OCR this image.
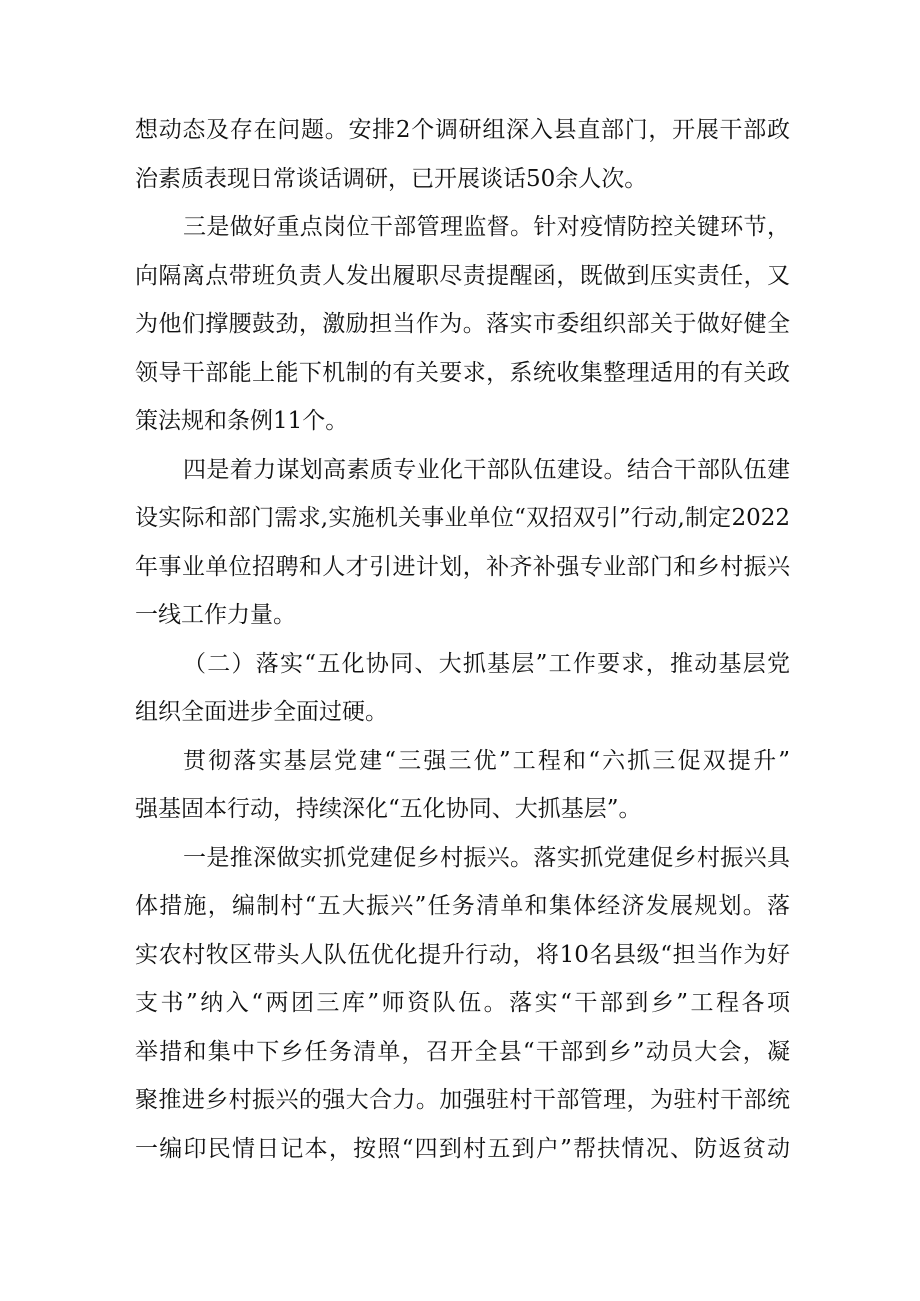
想动态及存在问题。安排2个调研组深入县直部门，开展干部政
治素质表现日常谈话调研，已开展谈话50余人次。
三是做好重点岗位干部管理监督。针对疫情防控关键环节，
向隔离点带班负责人发出履职尽责提醒函，既做到压实责任，又
为他们撑腰鼓劲，激励担当作为。落实市委组织部关于做好健全
领导干部能上能下机制的有关要求，系统收集整理适用的有关政
策法规和条例11个。
四是着力谋划高素质专业化干部队伍建设。结合干部队伍建
设实际和部门需求,实施机关事业单位“双招双引”行动,制定2022
年事业单位招聘和人才引进计划，补齐补强专业部门和乡村振兴
一线工作力量。
（二）落实“五化协同、大抓基层”工作要求，推动基层党
组织全面进步全面过硬。
贯彻落实基层党建“三强三优”工程和“六抓三促双提升”
强基固本行动，持续深化“五化协同、大抓基层”。
一是推深做实抓党建促乡村振兴。落实抓党建促乡村振兴具
体措施，编制村“五大振兴”任务清单和集体经济发展规划。落
实农村牧区带头人队伍优化提升行动，将10名县级“担当作为好
支书”纳入“两团三库”师资队伍。落实“干部到乡”工程各项
举措和集中下乡任务清单，召开全县“干部到乡”动员大会，凝
聚推进乡村振兴的强大合力。加强驻村干部管理，为驻村干部统
一编印民情日记本，按照“四到村五到户”帮扶情况、防返贫动
